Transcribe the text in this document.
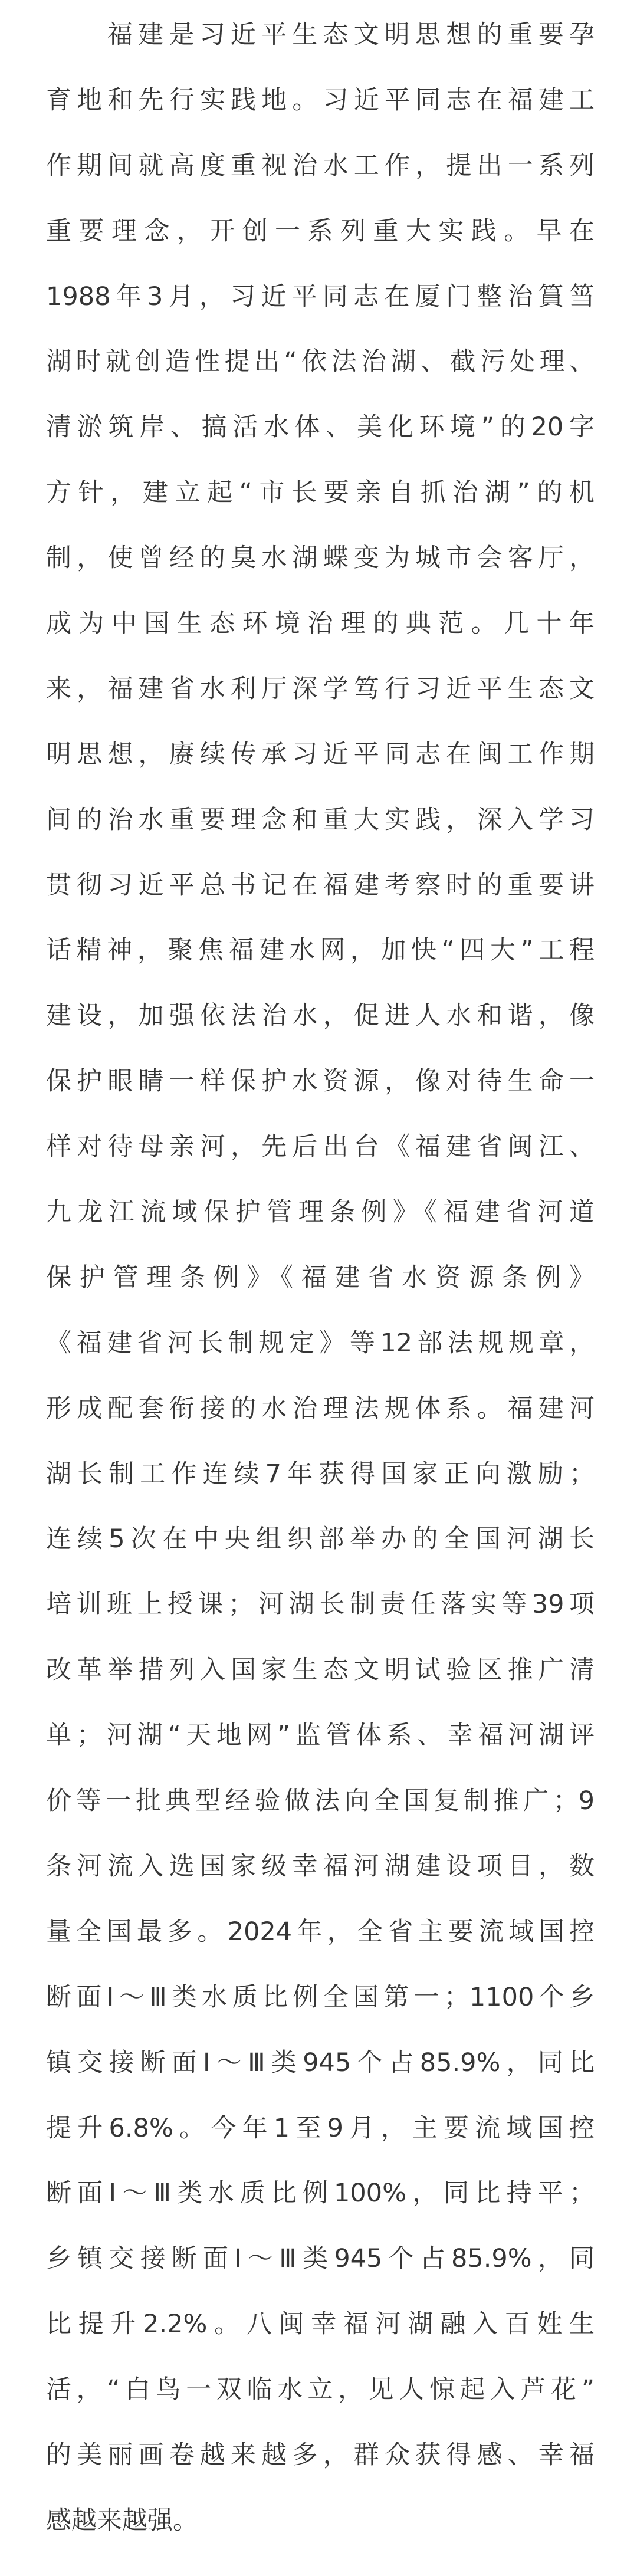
福建是习近平生态文明思想的重要孕
育地和先行实践地。习近平同志在福建工
作期间就高度重视治水工作，提出一系列
重要理念，开创一系列重大实践。早在
1988年3月，习近平同志在厦门整治篔筜
湖时就创造性提出“依法治湖、截污处理、
清淤筑岸、搞活水体、美化环境”的20字
方针，建立起“市长要亲自抓治湖”的机
制，使曾经的臭水湖蝶变为城市会客厅，
成为中国生态环境治理的典范。几十年
来，福建省水利厅深学笃行习近平生态文
明思想，赓续传承习近平同志在闽工作期
间的治水重要理念和重大实践，深入学习
贯彻习近平总书记在福建考察时的重要讲
话精神，聚焦福建水网，加快“四大”工程
建设，加强依法治水，促进人水和谐，像
保护眼睛一样保护水资源，像对待生命一
样对待母亲河，先后出台《福建省闽江、
九龙江流域保护管理条例》《福建省河道
保护管理条例》《福建省水资源条例》
《福建省河长制规定》等12部法规规章，
形成配套衔接的水治理法规体系。福建河
湖长制工作连续7年获得国家正向激励；
连续5次在中央组织部举办的全国河湖长
培训班上授课；河湖长制责任落实等39项
改革举措列入国家生态文明试验区推广清
单；河湖“天地网”监管体系、幸福河湖评
价等一批典型经验做法向全国复制推广；9
条河流入选国家级幸福河湖建设项目，数
量全国最多。2024年，全省主要流域国控
断面Ⅰ～Ⅲ类水质比例全国第一；1100个乡
镇交接断面Ⅰ～Ⅲ类945个占85.9%，同比
提升6.8%。今年1至9月，主要流域国控
断面Ⅰ～Ⅲ类水质比例100%，同比持平；
乡镇交接断面Ⅰ～Ⅲ类945个占85.9%，同
比提升2.2%。八闽幸福河湖融入百姓生
活，“白鸟一双临水立，见人惊起入芦花”
的美丽画卷越来越多，群众获得感、幸福
感越来越强。
